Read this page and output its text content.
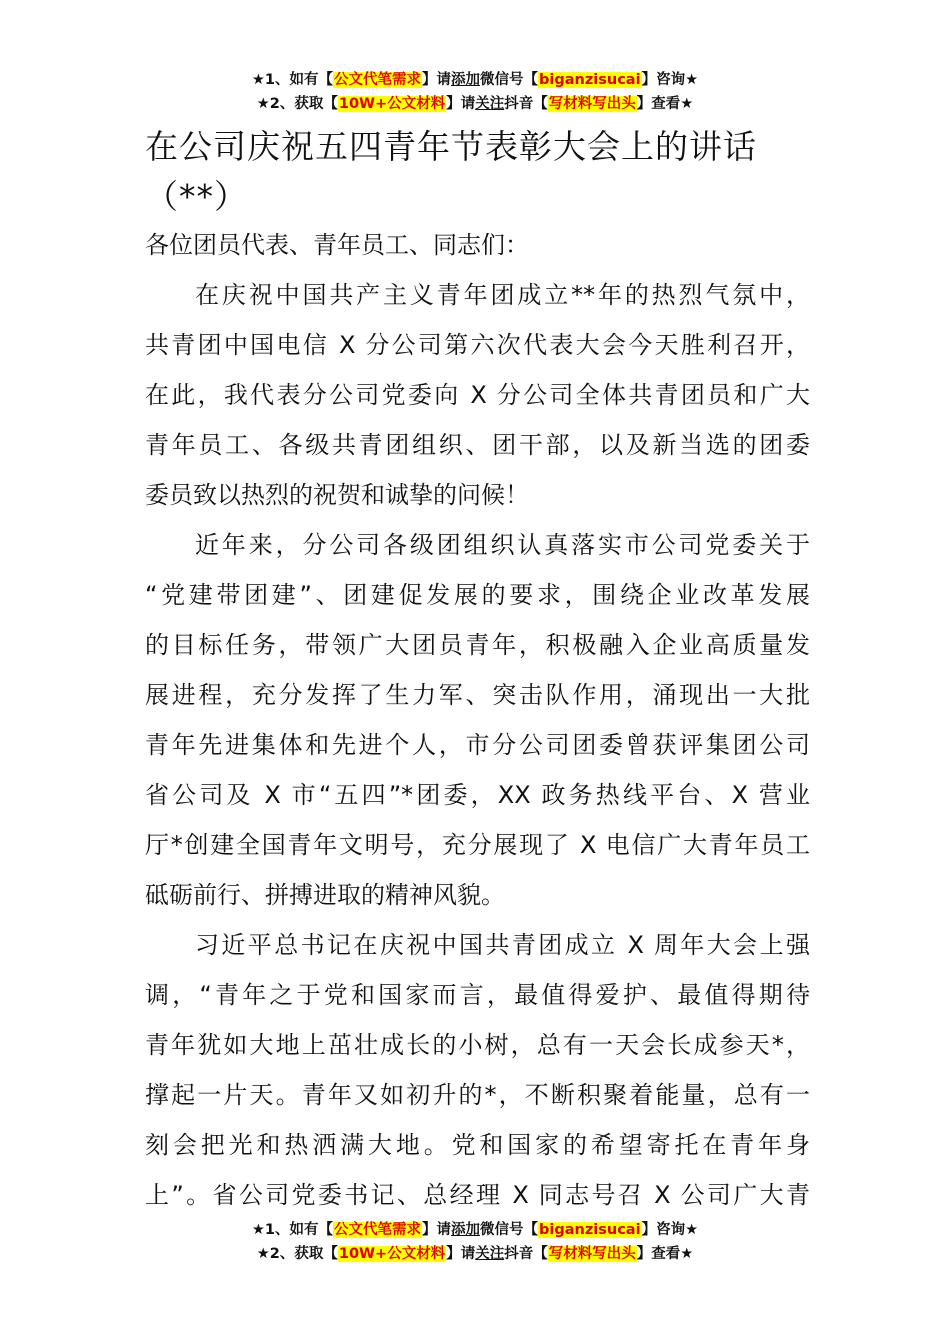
★1、如有【公文代笔需求】请添加微信号【biganzisucai】咨询★
★2、获取【10W+公文材料】请关注抖音【写材料写出头】查看★
在公司庆祝五四青年节表彰大会上的讲话
（**）
各位团员代表、青年员工、同志们：
在庆祝中国共产主义青年团成立**年的热烈气氛中，
共青团中国电信 X 分公司第六次代表大会今天胜利召开，
在此，我代表分公司党委向 X 分公司全体共青团员和广大
青年员工、各级共青团组织、团干部，以及新当选的团委
委员致以热烈的祝贺和诚挚的问候！
近年来，分公司各级团组织认真落实市公司党委关于
“党建带团建”、团建促发展的要求，围绕企业改革发展
的目标任务，带领广大团员青年，积极融入企业高质量发
展进程，充分发挥了生力军、突击队作用，涌现出一大批
青年先进集体和先进个人，市分公司团委曾获评集团公司
省公司及 X 市“五四”*团委，XX 政务热线平台、X 营业
厅*创建全国青年文明号，充分展现了 X 电信广大青年员工
砥砺前行、拼搏进取的精神风貌。
习近平总书记在庆祝中国共青团成立 X 周年大会上强
调，“青年之于党和国家而言，最值得爱护、最值得期待
青年犹如大地上茁壮成长的小树，总有一天会长成参天*，
撑起一片天。青年又如初升的*，不断积聚着能量，总有一
刻会把光和热洒满大地。党和国家的希望寄托在青年身
上”。省公司党委书记、总经理 X 同志号召 X 公司广大青
★1、如有【公文代笔需求】请添加微信号【biganzisucai】咨询★
★2、获取【10W+公文材料】请关注抖音【写材料写出头】查看★
